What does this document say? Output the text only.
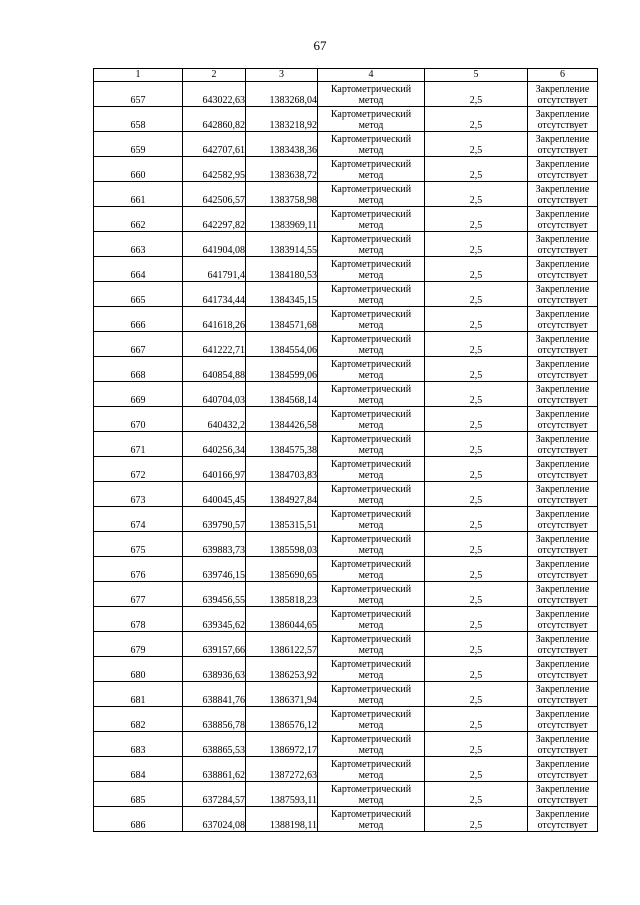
67
1	2	3	4	5	6
657	643022,63	1383268,04	Картометрический метод	2,5	Закрепление отсутствует
658	642860,82	1383218,92	Картометрический метод	2,5	Закрепление отсутствует
659	642707,61	1383438,36	Картометрический метод	2,5	Закрепление отсутствует
660	642582,95	1383638,72	Картометрический метод	2,5	Закрепление отсутствует
661	642506,57	1383758,98	Картометрический метод	2,5	Закрепление отсутствует
662	642297,82	1383969,11	Картометрический метод	2,5	Закрепление отсутствует
663	641904,08	1383914,55	Картометрический метод	2,5	Закрепление отсутствует
664	641791,4	1384180,53	Картометрический метод	2,5	Закрепление отсутствует
665	641734,44	1384345,15	Картометрический метод	2,5	Закрепление отсутствует
666	641618,26	1384571,68	Картометрический метод	2,5	Закрепление отсутствует
667	641222,71	1384554,06	Картометрический метод	2,5	Закрепление отсутствует
668	640854,88	1384599,06	Картометрический метод	2,5	Закрепление отсутствует
669	640704,03	1384568,14	Картометрический метод	2,5	Закрепление отсутствует
670	640432,2	1384426,58	Картометрический метод	2,5	Закрепление отсутствует
671	640256,34	1384575,38	Картометрический метод	2,5	Закрепление отсутствует
672	640166,97	1384703,83	Картометрический метод	2,5	Закрепление отсутствует
673	640045,45	1384927,84	Картометрический метод	2,5	Закрепление отсутствует
674	639790,57	1385315,51	Картометрический метод	2,5	Закрепление отсутствует
675	639883,73	1385598,03	Картометрический метод	2,5	Закрепление отсутствует
676	639746,15	1385690,65	Картометрический метод	2,5	Закрепление отсутствует
677	639456,55	1385818,23	Картометрический метод	2,5	Закрепление отсутствует
678	639345,62	1386044,65	Картометрический метод	2,5	Закрепление отсутствует
679	639157,66	1386122,57	Картометрический метод	2,5	Закрепление отсутствует
680	638936,63	1386253,92	Картометрический метод	2,5	Закрепление отсутствует
681	638841,76	1386371,94	Картометрический метод	2,5	Закрепление отсутствует
682	638856,78	1386576,12	Картометрический метод	2,5	Закрепление отсутствует
683	638865,53	1386972,17	Картометрический метод	2,5	Закрепление отсутствует
684	638861,62	1387272,63	Картометрический метод	2,5	Закрепление отсутствует
685	637284,57	1387593,11	Картометрический метод	2,5	Закрепление отсутствует
686	637024,08	1388198,11	Картометрический метод	2,5	Закрепление отсутствует
